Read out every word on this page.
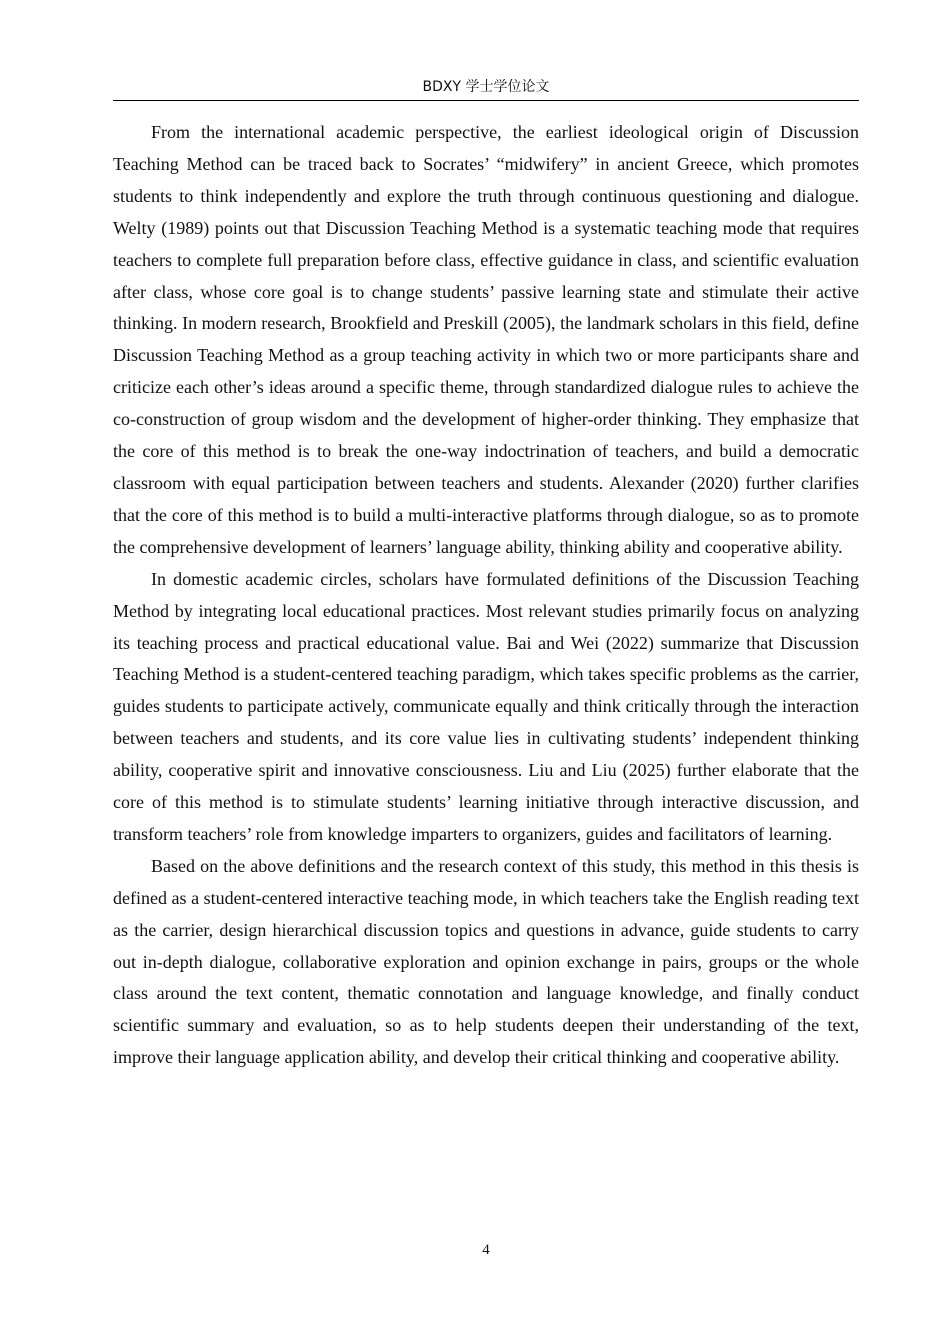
BDXY 学士学位论文

From the international academic perspective, the earliest ideological origin of Discussion Teaching Method can be traced back to Socrates’ “midwifery” in ancient Greece, which promotes students to think independently and explore the truth through continuous questioning and dialogue. Welty (1989) points out that Discussion Teaching Method is a systematic teaching mode that requires teachers to complete full preparation before class, effective guidance in class, and scientific evaluation after class, whose core goal is to change students’ passive learning state and stimulate their active thinking. In modern research, Brookfield and Preskill (2005), the landmark scholars in this field, define Discussion Teaching Method as a group teaching activity in which two or more participants share and criticize each other’s ideas around a specific theme, through standardized dialogue rules to achieve the co-construction of group wisdom and the development of higher-order thinking. They emphasize that the core of this method is to break the one-way indoctrination of teachers, and build a democratic classroom with equal participation between teachers and students. Alexander (2020) further clarifies that the core of this method is to build a multi-interactive platforms through dialogue, so as to promote the comprehensive development of learners’ language ability, thinking ability and cooperative ability.

In domestic academic circles, scholars have formulated definitions of the Discussion Teaching Method by integrating local educational practices. Most relevant studies primarily focus on analyzing its teaching process and practical educational value. Bai and Wei (2022) summarize that Discussion Teaching Method is a student-centered teaching paradigm, which takes specific problems as the carrier, guides students to participate actively, communicate equally and think critically through the interaction between teachers and students, and its core value lies in cultivating students’ independent thinking ability, cooperative spirit and innovative consciousness. Liu and Liu (2025) further elaborate that the core of this method is to stimulate students’ learning initiative through interactive discussion, and transform teachers’ role from knowledge imparters to organizers, guides and facilitators of learning.

Based on the above definitions and the research context of this study, this method in this thesis is defined as a student-centered interactive teaching mode, in which teachers take the English reading text as the carrier, design hierarchical discussion topics and questions in advance, guide students to carry out in-depth dialogue, collaborative exploration and opinion exchange in pairs, groups or the whole class around the text content, thematic connotation and language knowledge, and finally conduct scientific summary and evaluation, so as to help students deepen their understanding of the text, improve their language application ability, and develop their critical thinking and cooperative ability.

4
